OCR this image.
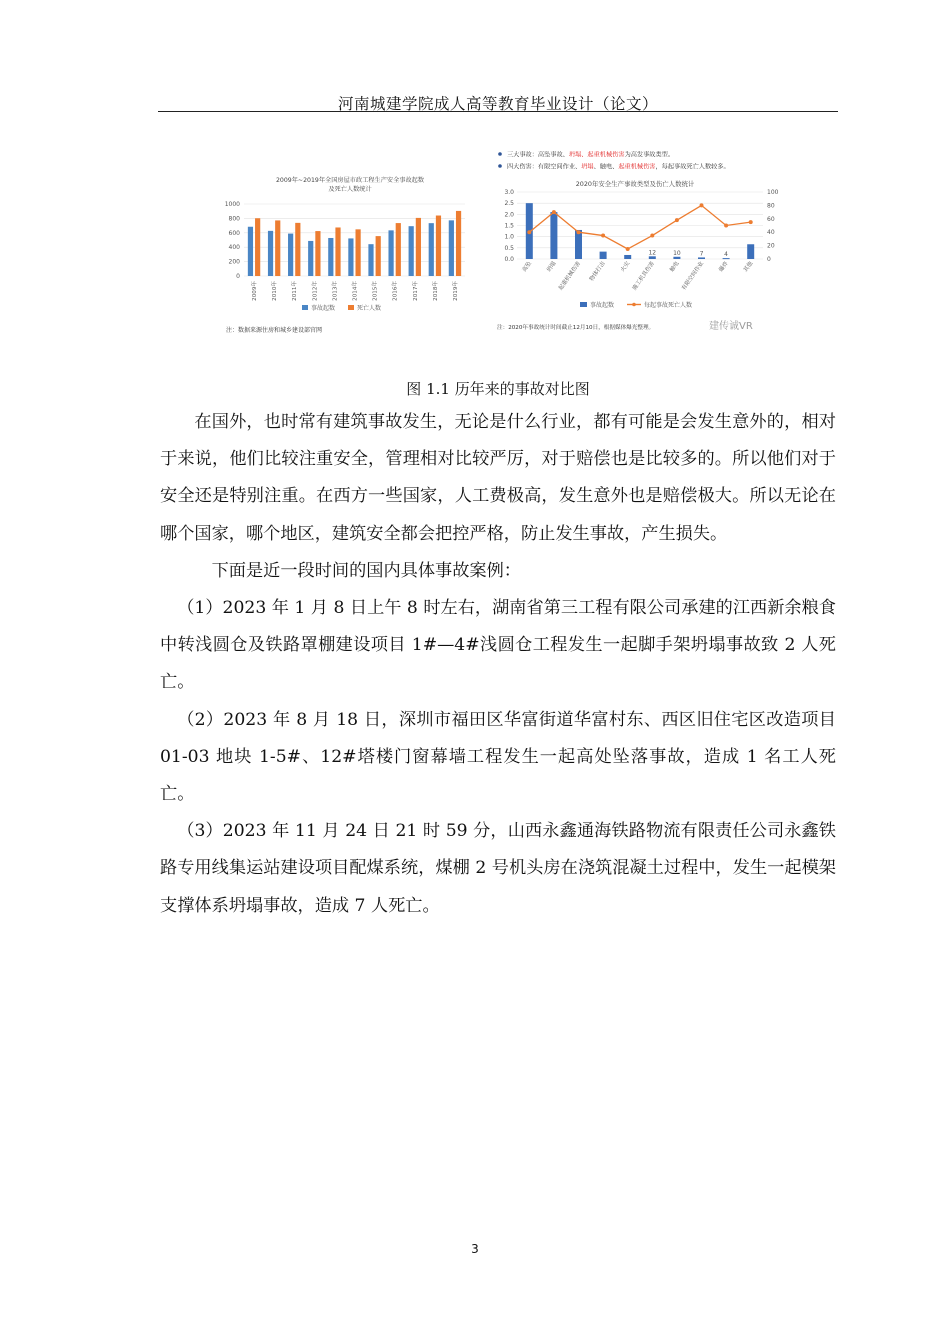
河南城建学院成人高等教育毕业设计（论文）
2009年~2019年全国房屋市政工程生产安全事故起数
及死亡人数统计
0
200
400
600
800
1000
2009年	2010年	2011年	2012年	2013年	2014年	2015年	2016年	2017年	2018年	2019年
事故起数	死亡人数
注：数据来源住房和城乡建设部官网
三大事故：高坠事故、坍塌、起重机械伤害为高发事故类型。
四大伤害：有限空间作业、坍塌、触电、起重机械伤害，每起事故死亡人数较多。
2020年安全生产事故类型及伤亡人数统计
0.0
0.5
1.0
1.5
2.0
2.5
3.0
0
20
40
60
80
100
12	10	7	4
高坠 坍塌 起重机械伤害 物体打击 火灾 施工机具伤害 触电 有限空间作业 爆炸 其他
事故起数	每起事故死亡人数
注：2020年事故统计时间截止12月10日，根据媒体爆光整理。	建传诚VR
图 1.1 历年来的事故对比图

在国外，也时常有建筑事故发生，无论是什么行业，都有可能是会发生意外的，相对于来说，他们比较注重安全，管理相对比较严厉，对于赔偿也是比较多的。所以他们对于安全还是特别注重。在西方一些国家，人工费极高，发生意外也是赔偿极大。所以无论在哪个国家，哪个地区，建筑安全都会把控严格，防止发生事故，产生损失。

下面是近一段时间的国内具体事故案例：

（1）2023 年 1 月 8 日上午 8 时左右，湖南省第三工程有限公司承建的江西新余粮食中转浅圆仓及铁路罩棚建设项目 1#—4#浅圆仓工程发生一起脚手架坍塌事故致 2 人死亡。

（2）2023 年 8 月 18 日，深圳市福田区华富街道华富村东、西区旧住宅区改造项目 01-03 地块 1-5#、12#塔楼门窗幕墙工程发生一起高处坠落事故，造成 1 名工人死亡。

（3）2023 年 11 月 24 日 21 时 59 分，山西永鑫通海铁路物流有限责任公司永鑫铁路专用线集运站建设项目配煤系统，煤棚 2 号机头房在浇筑混凝土过程中，发生一起模架支撑体系坍塌事故，造成 7 人死亡。

3
